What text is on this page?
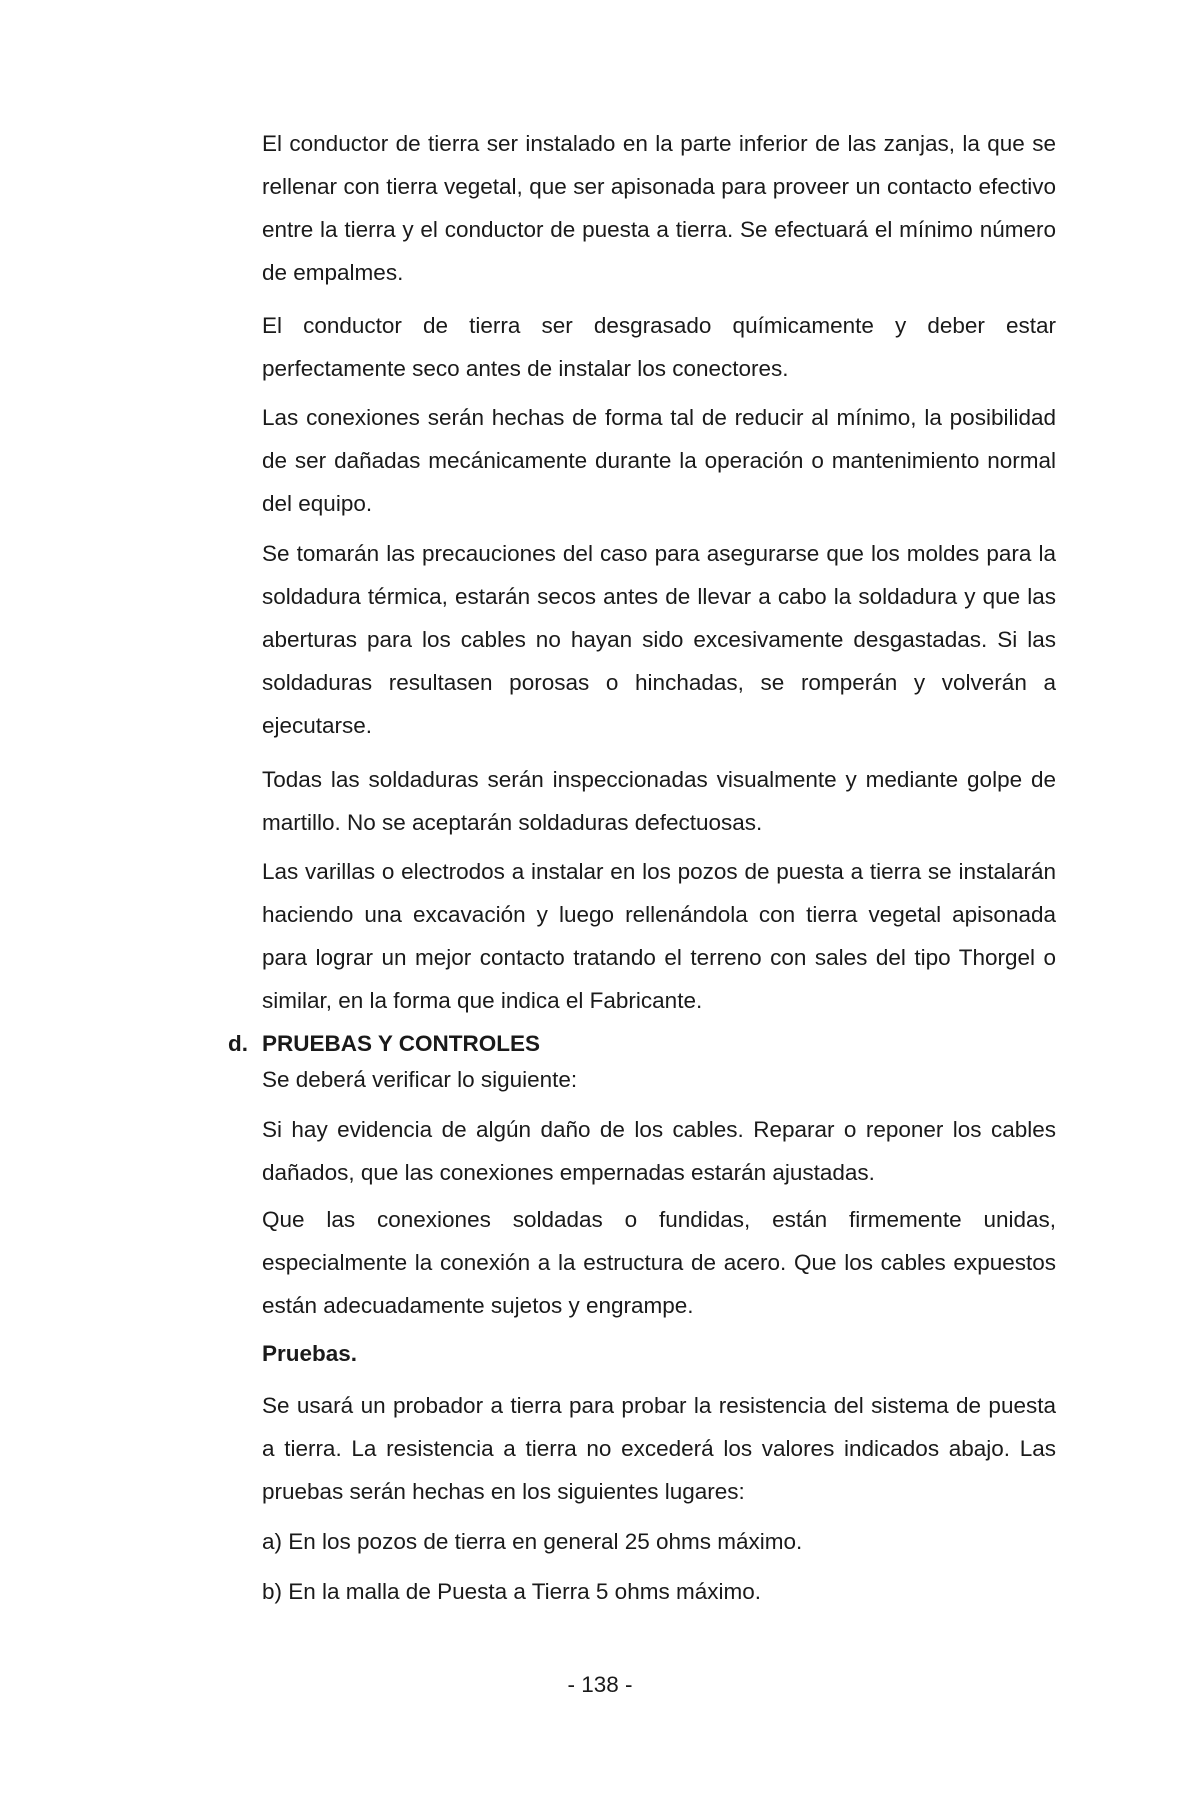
El conductor de tierra ser instalado en la parte inferior de las zanjas, la que se rellenar con tierra vegetal, que ser apisonada para proveer un contacto efectivo entre la tierra y el conductor de puesta a tierra. Se efectuará el mínimo número de empalmes.

El conductor de tierra ser desgrasado químicamente y deber estar perfectamente seco antes de instalar los conectores.

Las conexiones serán hechas de forma tal de reducir al mínimo, la posibilidad de ser dañadas mecánicamente durante la operación o mantenimiento normal del equipo.

Se tomarán las precauciones del caso para asegurarse que los moldes para la soldadura térmica, estarán secos antes de llevar a cabo la soldadura y que las aberturas para los cables no hayan sido excesivamente desgastadas. Si las soldaduras resultasen porosas o hinchadas, se romperán y volverán a ejecutarse.

Todas las soldaduras serán inspeccionadas visualmente y mediante golpe de martillo. No se aceptarán soldaduras defectuosas.

Las varillas o electrodos a instalar en los pozos de puesta a tierra se instalarán haciendo una excavación y luego rellenándola con tierra vegetal apisonada para lograr un mejor contacto tratando el terreno con sales del tipo Thorgel o similar, en la forma que indica el Fabricante.

d. PRUEBAS Y CONTROLES

Se deberá verificar lo siguiente:

Si hay evidencia de algún daño de los cables. Reparar o reponer los cables dañados, que las conexiones empernadas estarán ajustadas.

Que las conexiones soldadas o fundidas, están firmemente unidas, especialmente la conexión a la estructura de acero. Que los cables expuestos están adecuadamente sujetos y engrampe.

Pruebas.

Se usará un probador a tierra para probar la resistencia del sistema de puesta a tierra. La resistencia a tierra no excederá los valores indicados abajo. Las pruebas serán hechas en los siguientes lugares:

a) En los pozos de tierra en general 25 ohms máximo.

b) En la malla de Puesta a Tierra 5 ohms máximo.

- 138 -
